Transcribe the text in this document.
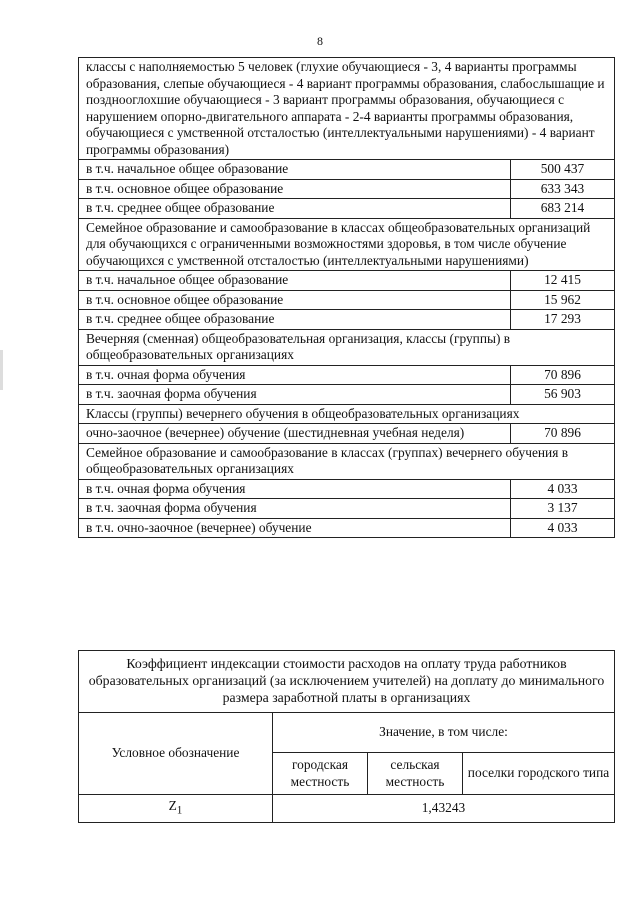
8
классы с наполняемостью 5 человек (глухие обучающиеся - 3, 4 варианты программы образования, слепые обучающиеся - 4 вариант программы образования, слабослышащие и позднооглохшие обучающиеся - 3 вариант программы образования, обучающиеся с нарушением опорно-двигательного аппарата - 2-4 варианты программы образования, обучающиеся с умственной отсталостью (интеллектуальными нарушениями) - 4 вариант программы образования)	
в т.ч. начальное общее образование	500 437
в т.ч. основное общее образование	633 343
в т.ч. среднее общее образование	683 214
Семейное образование и самообразование в классах общеобразовательных организаций для обучающихся с ограниченными возможностями здоровья, в том числе обучение обучающихся с умственной отсталостью (интеллектуальными нарушениями)	
в т.ч. начальное общее образование	12 415
в т.ч. основное общее образование	15 962
в т.ч. среднее общее образование	17 293
Вечерняя (сменная) общеобразовательная организация, классы (группы) в общеобразовательных организациях	
в т.ч. очная форма обучения	70 896
в т.ч. заочная форма обучения	56 903
Классы (группы) вечернего обучения в общеобразовательных организациях	
очно-заочное (вечернее) обучение (шестидневная учебная неделя)	70 896
Семейное образование и самообразование в классах (группах) вечернего обучения в общеобразовательных организациях	
в т.ч. очная форма обучения	4 033
в т.ч. заочная форма обучения	3 137
в т.ч. очно-заочное (вечернее) обучение	4 033
Коэффициент индексации стоимости расходов на оплату труда работников образовательных организаций (за исключением учителей) на доплату до минимального размера заработной платы в организациях			
Условное обозначение	Значение, в том числе:		
	городская местность	сельская местность	поселки городского типа
$Z_1$	1,43243		
